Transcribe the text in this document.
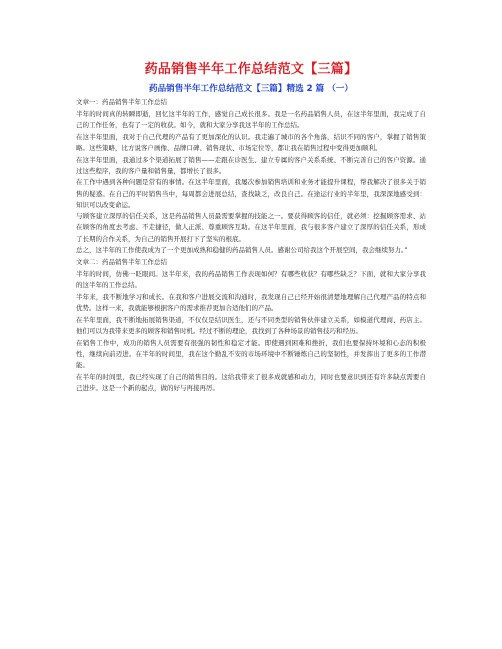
药品销售半年工作总结范文【三篇】
药品销售半年工作总结范文【三篇】精选 2 篇 （一）

文章一：药品销售半年工作总结

半年的时间真的转瞬即逝，回忆这半年的工作，感觉自己成长很多。我是一名药品销售人员，在这半年里面，我完成了自己的工作任务，也有了一定的收获。如今，就和大家分享我这半年的工作总结。

在这半年里面，我对于自己代理的产品有了更加深化的认识。我走遍了城市的各个角落，结识不同的客户，掌握了销售策略。这些策略，比方说客户画像、品牌口碑、销售现状、市场定位等，都让我在销售过程中变得更加顺利。

在这半年里面，我通过多个渠道拓展了销售——走跟在诊医生、建立专属的客户关系系统、不断完善自己的客户资源。通过这些程序，我的客户量和销售量，都增长了很多。

在工作中遇到各种问题是常有的事情。在这半年里面，我屡次参加销售培训和业务才能提升课程，帮我解决了很多关于销售的疑惑。在自己的平时销售当中，每周都会进展总结，查找缺乏，改良自己。在途运行业的半年里，我深深地感受到：知识可以改变命运。

与顾客建立深厚的信任关系，这是药品销售人员最需要掌握的技能之一。要获得顾客的信任，就必须：挖掘顾客需求、站在顾客的角度去考虑、不走捷径，做人正派、尊重顾客互助。在这半年里面，我与很多客户建立了深厚的信任关系，形成了长期的合作关系，为自己的销售开展打下了坚实的根底。

总之，这半年的工作使我成为了一个更加成熟和稳健的药品销售人员。感谢公司给我这个开展空间，我会继续努力。”

文章二：药品销售半年工作总结

半年的时间，仿佛一眨眼间。这半年来，我的药品销售工作表现如何？有哪些收获？有哪些缺乏？下面，就和大家分享我的这半年的工作总结。

半年来，我不断地学习和成长。在我和客户进展交流和沟通时，我发现自己已经开始很清楚地理解自己代理产品的特点和优势。这样一来，我就能够根据客户的需求推荐更加合适他们的产品。

在半年里面，我不断地拓展销售渠道，不仅仅是结识医生，还与不同类型的销售伙伴建立关系，如模道代理商、药店主。他们可以为我带来更多的顾客和销售时机。经过不断的理论，我找到了各种场景的销售技巧和经历。

在销售工作中，成功的销售人员需要有很强的韧性和稳定才能。即使遇到困难和挫折，我们也要保持坏境和心态的积极性，继续向前迈进。在半年的时间里，我在这个勤乱不安的市场环境中不断锤炼自己的坚韧性，并发挥出了更多的工作潜能。

在半年的时间里，我已经实现了自己的销售目的。这给我带来了很多成就感和动力，同时也要意识到还有许多缺点需要自己进步。这是一个新的起点，做的好与再接再厉。
